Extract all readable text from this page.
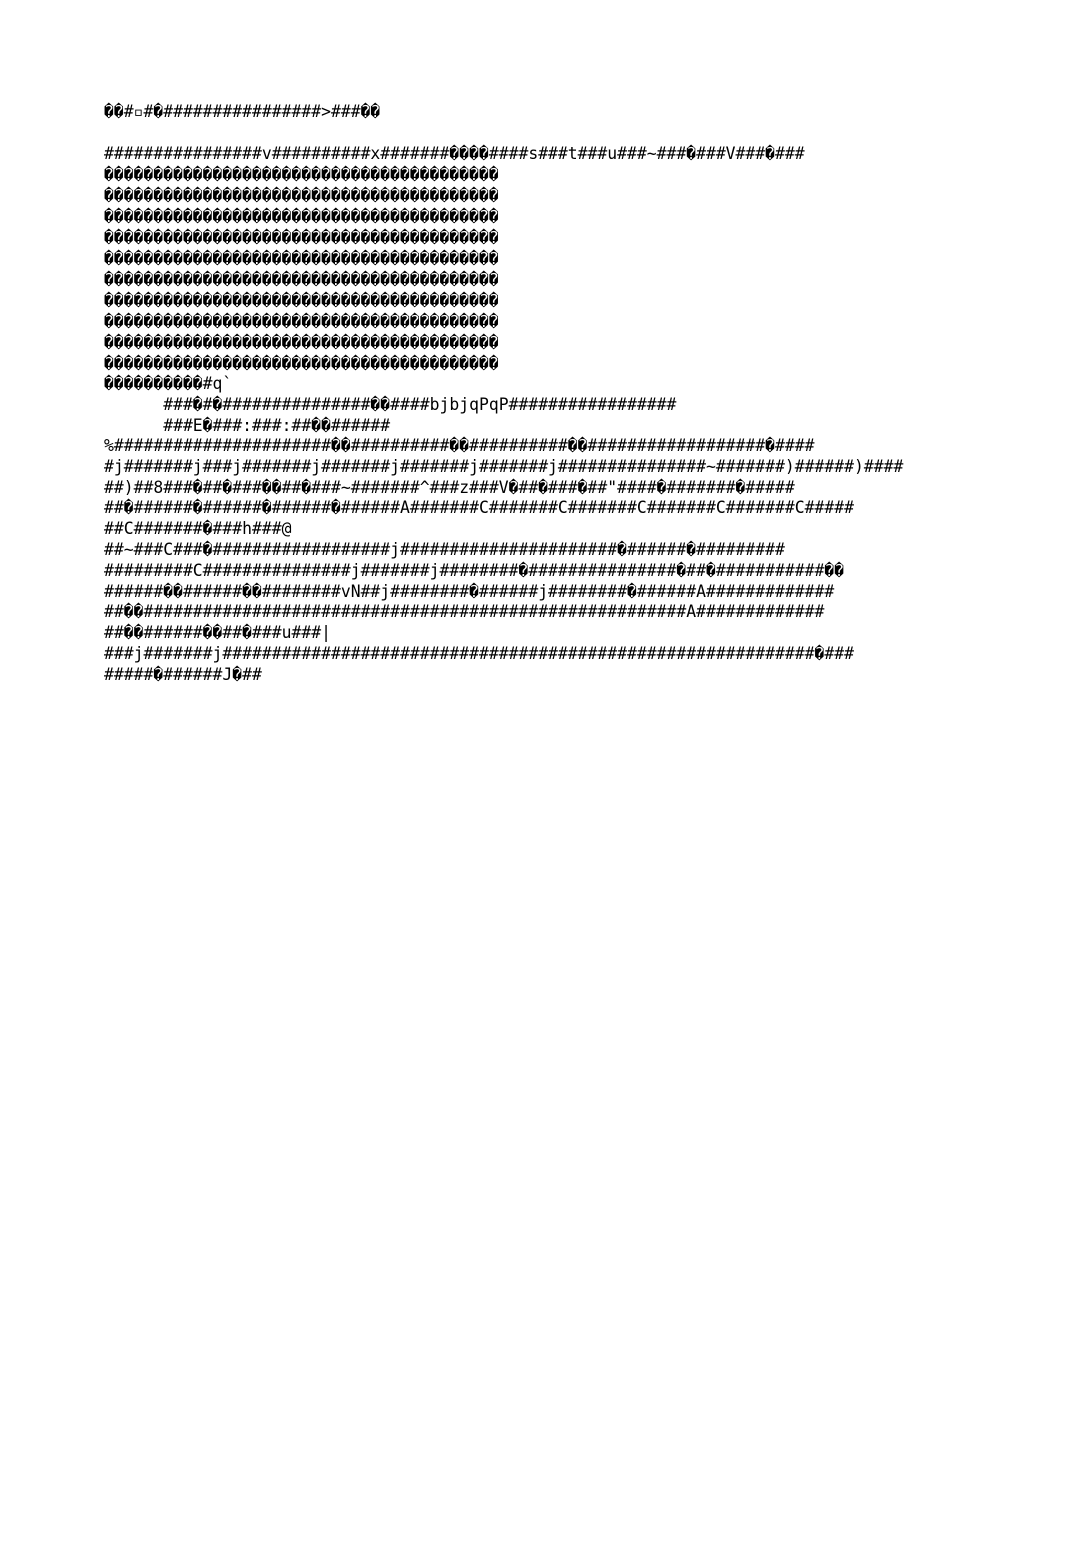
��#▫#�################>###��

################v##########x#######����####s###t###u###~###�###V###�###

����������������������������������������

����������������������������������������

����������������������������������������

����������������������������������������

����������������������������������������

����������������������������������������

����������������������������������������

����������������������������������������

����������������������������������������

����������������������������������������

����������#q`

###�#�###############��####bjbjqPqP#################

###E�###:###:##��######

%######################��##########��##########��##################�####

#j#######j###j#######j#######j#######j#######j###############~#######)######)####

##)##8###�##�###��##�###~#######^###z###V�##�###�##"####�#######�#####

##�######�######�######�######A#######C#######C#######C#######C#######C#####

##C#######�###h###@

##~###C###�##################j######################�######�#########

#########C###############j#######j########�###############�##�###########��

######��######��########vN##j########�######j########�######A#############

##��#######################################################A#############

##��######��##�###u###|

###j#######j############################################################�###

#####�######J�##
